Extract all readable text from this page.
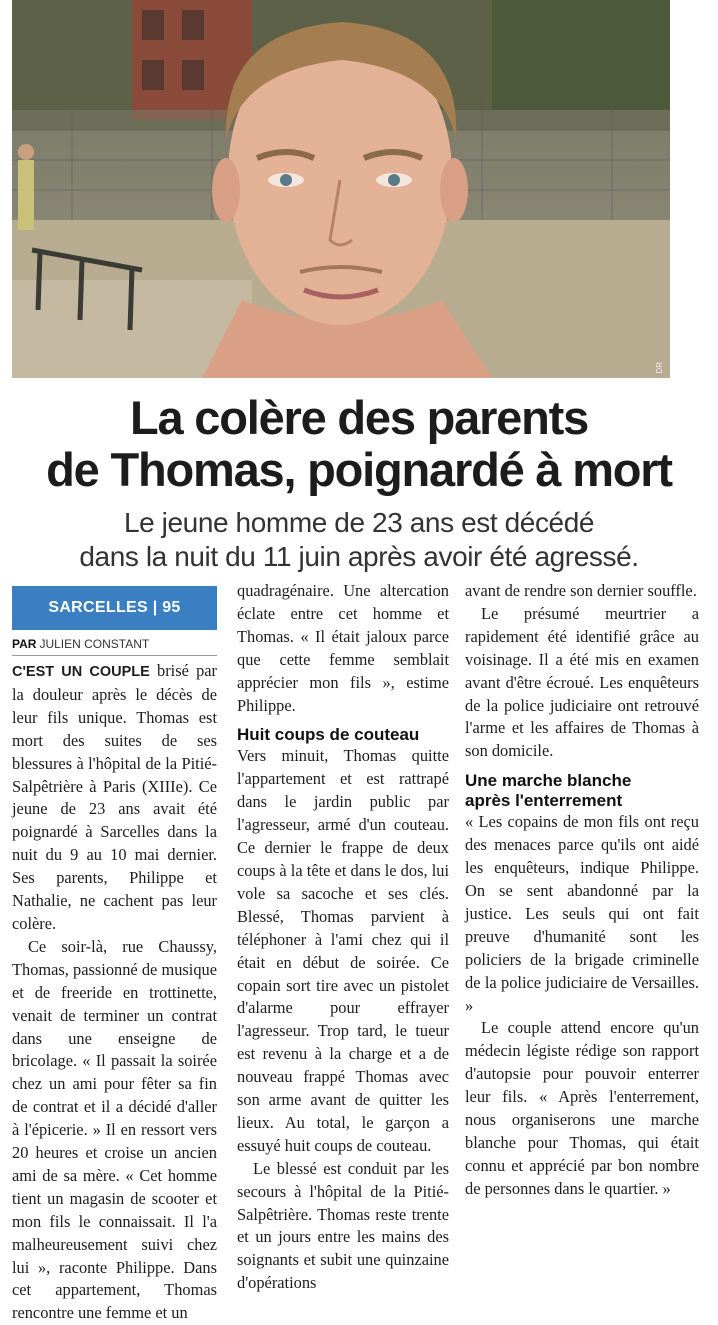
DR
La colère des parents
de Thomas, poignardé à mort
Le jeune homme de 23 ans est décédé
dans la nuit du 11 juin après avoir été agressé.
SARCELLES | 95
PAR JULIEN CONSTANT

C'EST UN COUPLE brisé par la douleur après le décès de leur fils unique. Thomas est mort des suites de ses blessures à l'hôpital de la Pitié-Salpêtrière à Paris (XIIIe). Ce jeune de 23 ans avait été poignardé à Sarcelles dans la nuit du 9 au 10 mai dernier. Ses parents, Philippe et Nathalie, ne cachent pas leur colère.

Ce soir-là, rue Chaussy, Thomas, passionné de musique et de freeride en trottinette, venait de terminer un contrat dans une enseigne de bricolage. « Il passait la soirée chez un ami pour fêter sa fin de contrat et il a décidé d'aller à l'épicerie. » Il en ressort vers 20 heures et croise un ancien ami de sa mère. « Cet homme tient un magasin de scooter et mon fils le connaissait. Il l'a malheureusement suivi chez lui », raconte Philippe. Dans cet appartement, Thomas rencontre une femme et un

quadragénaire. Une altercation éclate entre cet homme et Thomas. « Il était jaloux parce que cette femme semblait apprécier mon fils », estime Philippe.

Huit coups de couteau

Vers minuit, Thomas quitte l'appartement et est rattrapé dans le jardin public par l'agresseur, armé d'un couteau. Ce dernier le frappe de deux coups à la tête et dans le dos, lui vole sa sacoche et ses clés. Blessé, Thomas parvient à téléphoner à l'ami chez qui il était en début de soirée. Ce copain sort tire avec un pistolet d'alarme pour effrayer l'agresseur. Trop tard, le tueur est revenu à la charge et a de nouveau frappé Thomas avec son arme avant de quitter les lieux. Au total, le garçon a essuyé huit coups de couteau.

Le blessé est conduit par les secours à l'hôpital de la Pitié-Salpêtrière. Thomas reste trente et un jours entre les mains des soignants et subit une quinzaine d'opérations

avant de rendre son dernier souffle.

Le présumé meurtrier a rapidement été identifié grâce au voisinage. Il a été mis en examen avant d'être écroué. Les enquêteurs de la police judiciaire ont retrouvé l'arme et les affaires de Thomas à son domicile.

Une marche blanche
après l'enterrement

« Les copains de mon fils ont reçu des menaces parce qu'ils ont aidé les enquêteurs, indique Philippe. On se sent abandonné par la justice. Les seuls qui ont fait preuve d'humanité sont les policiers de la brigade criminelle de la police judiciaire de Versailles. »

Le couple attend encore qu'un médecin légiste rédige son rapport d'autopsie pour pouvoir enterrer leur fils. « Après l'enterrement, nous organiserons une marche blanche pour Thomas, qui était connu et apprécié par bon nombre de personnes dans le quartier. »
